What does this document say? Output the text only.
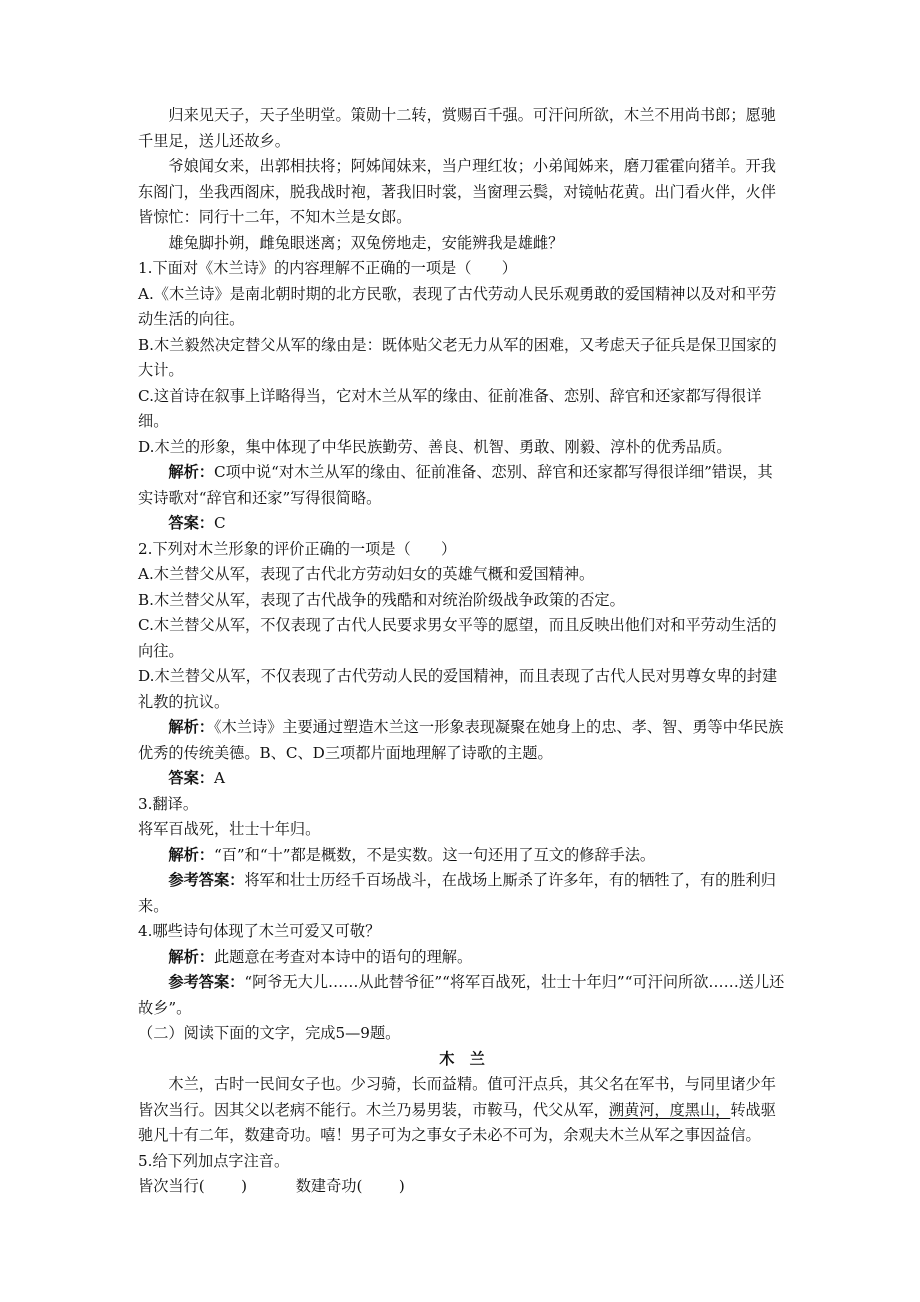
归来见天子，天子坐明堂。策勋十二转，赏赐百千强。可汗问所欲，木兰不用尚书郎；愿驰千里足，送儿还故乡。

爷娘闻女来，出郭相扶将；阿姊闻妹来，当户理红妆；小弟闻姊来，磨刀霍霍向猪羊。开我东阁门，坐我西阁床，脱我战时袍，著我旧时裳，当窗理云鬓，对镜帖花黄。出门看火伴，火伴皆惊忙：同行十二年，不知木兰是女郎。

雄兔脚扑朔，雌兔眼迷离；双兔傍地走，安能辨我是雄雌？

1.下面对《木兰诗》的内容理解不正确的一项是（　　）

A.《木兰诗》是南北朝时期的北方民歌，表现了古代劳动人民乐观勇敢的爱国精神以及对和平劳动生活的向往。

B.木兰毅然决定替父从军的缘由是：既体贴父老无力从军的困难，又考虑天子征兵是保卫国家的大计。

C.这首诗在叙事上详略得当，它对木兰从军的缘由、征前准备、恋别、辞官和还家都写得很详细。

D.木兰的形象，集中体现了中华民族勤劳、善良、机智、勇敢、刚毅、淳朴的优秀品质。

解析：C项中说“对木兰从军的缘由、征前准备、恋别、辞官和还家都写得很详细”错误，其实诗歌对“辞官和还家”写得很简略。

答案：C

2.下列对木兰形象的评价正确的一项是（　　）

A.木兰替父从军，表现了古代北方劳动妇女的英雄气概和爱国精神。

B.木兰替父从军，表现了古代战争的残酷和对统治阶级战争政策的否定。

C.木兰替父从军，不仅表现了古代人民要求男女平等的愿望，而且反映出他们对和平劳动生活的向往。

D.木兰替父从军，不仅表现了古代劳动人民的爱国精神，而且表现了古代人民对男尊女卑的封建礼教的抗议。

解析：《木兰诗》主要通过塑造木兰这一形象表现凝聚在她身上的忠、孝、智、勇等中华民族优秀的传统美德。B、C、D三项都片面地理解了诗歌的主题。

答案：A

3.翻译。

将军百战死，壮士十年归。

解析：“百”和“十”都是概数，不是实数。这一句还用了互文的修辞手法。

参考答案：将军和壮士历经千百场战斗，在战场上厮杀了许多年，有的牺牲了，有的胜利归来。

4.哪些诗句体现了木兰可爱又可敬？

解析：此题意在考查对本诗中的语句的理解。

参考答案：“阿爷无大儿……从此替爷征”“将军百战死，壮士十年归”“可汗问所欲……送儿还故乡”。

（二）阅读下面的文字，完成5—9题。

木兰

木兰，古时一民间女子也。少习骑，长而益精。值可汗点兵，其父名在军书，与同里诸少年皆次当行。因其父以老病不能行。木兰乃易男装，市鞍马，代父从军，溯黄河，度黑山，转战驱驰凡十有二年，数建奇功。嘻！男子可为之事女子未必不可为，余观夫木兰从军之事因益信。

5.给下列加点字注音。

皆次当行( )	数建奇功( )
